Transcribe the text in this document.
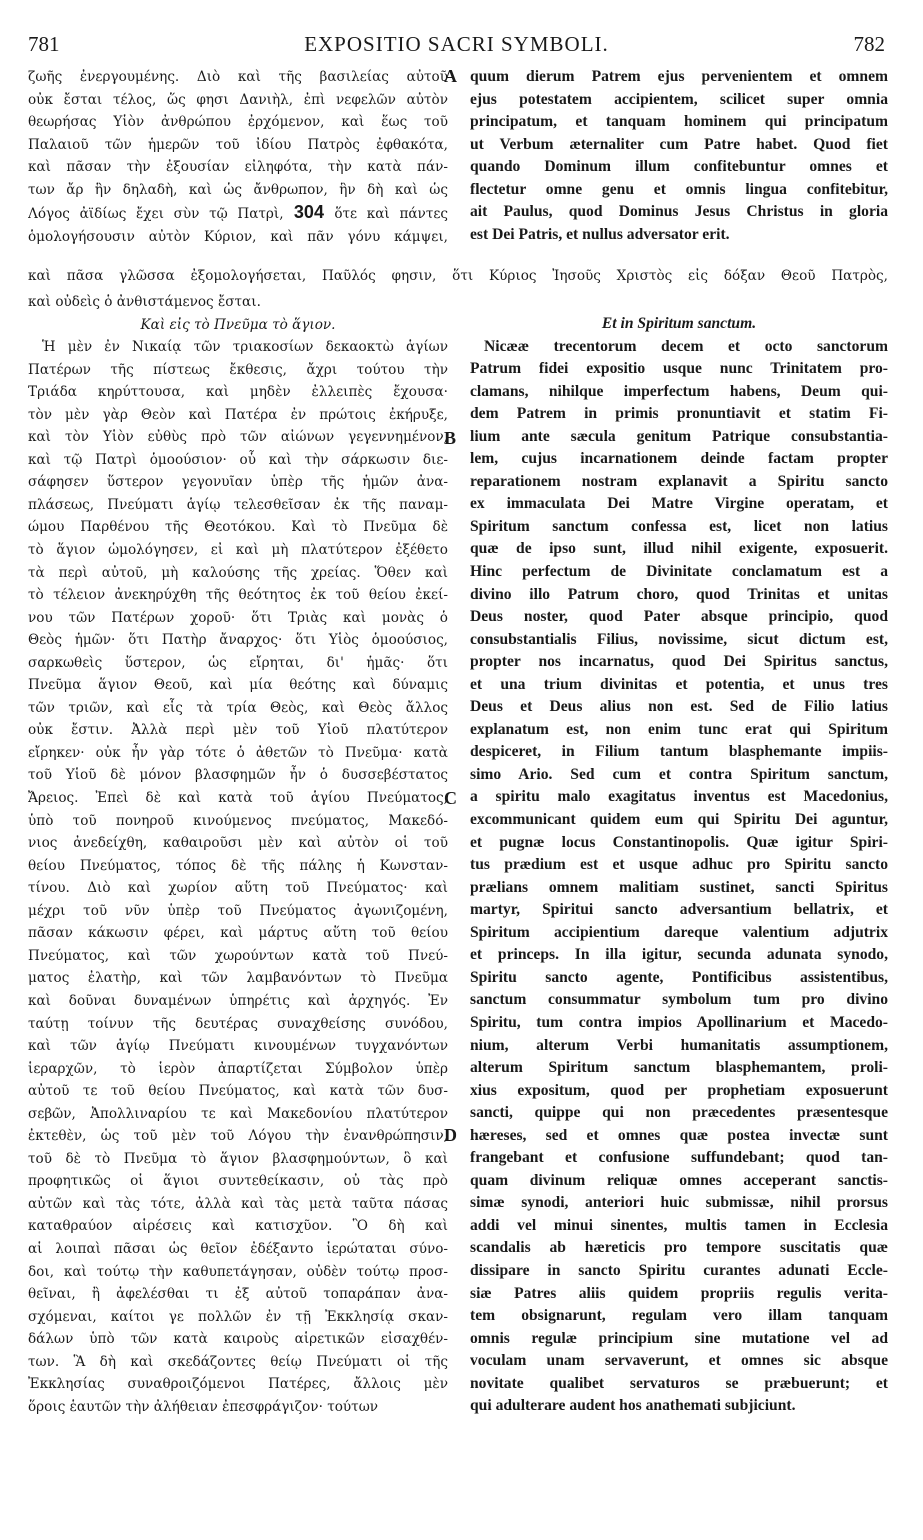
781	EXPOSITIO SACRI SYMBOLI.	782
A
B
C
D
ζωῆς ἐνεργουμένης. Διὸ καὶ τῆς βασιλείας αὐτοῦ
οὐκ ἔσται τέλος, ὥς φησι Δανιὴλ, ἐπὶ νεφελῶν αὐτὸν
θεωρήσας Υἱὸν ἀνθρώπου ἐρχόμενον, καὶ ἕως τοῦ
Παλαιοῦ τῶν ἡμερῶν τοῦ ἰδίου Πατρὸς ἐφθακότα,
καὶ πᾶσαν τὴν ἐξουσίαν εἰληφότα, τὴν κατὰ πάν-
των ἄρ ἣν δηλαδὴ, καὶ ὡς ἄνθρωπον, ἣν δὴ καὶ ὡς
Λόγος ἀϊδίως ἔχει σὺν τῷ Πατρὶ, 304 ὅτε καὶ πάντες
ὁμολογήσουσιν αὐτὸν Κύριον, καὶ πᾶν γόνυ κάμψει,
καὶ πᾶσα γλῶσσα ἐξομολογήσεται, Παῦλός φησιν, ὅτι Κύριος Ἰησοῦς Χριστὸς εἰς δόξαν Θεοῦ Πατρὸς,
καὶ οὐδεὶς ὁ ἀνθιστάμενος ἔσται.
Καὶ εἰς τὸ Πνεῦμα τὸ ἅγιον.
Ἡ μὲν ἐν Νικαίᾳ τῶν τριακοσίων δεκαοκτὼ ἁγίων
Πατέρων τῆς πίστεως ἔκθεσις, ἄχρι τούτου τὴν
Τριάδα κηρύττουσα, καὶ μηδὲν ἐλλειπὲς ἔχουσα·
τὸν μὲν γὰρ Θεὸν καὶ Πατέρα ἐν πρώτοις ἐκήρυξε,
καὶ τὸν Υἱὸν εὐθὺς πρὸ τῶν αἰώνων γεγεννημένον,
καὶ τῷ Πατρὶ ὁμοούσιον· οὗ καὶ τὴν σάρκωσιν διε-
σάφησεν ὕστερον γεγονυῖαν ὑπὲρ τῆς ἡμῶν ἀνα-
πλάσεως, Πνεύματι ἁγίῳ τελεσθεῖσαν ἐκ τῆς παναμ-
ώμου Παρθένου τῆς Θεοτόκου. Καὶ τὸ Πνεῦμα δὲ
τὸ ἅγιον ὡμολόγησεν, εἰ καὶ μὴ πλατύτερον ἐξέθετο
τὰ περὶ αὐτοῦ, μὴ καλούσης τῆς χρείας. Ὅθεν καὶ
τὸ τέλειον ἀνεκηρύχθη τῆς θεότητος ἐκ τοῦ θείου ἐκεί-
νου τῶν Πατέρων χοροῦ· ὅτι Τριὰς καὶ μονὰς ὁ
Θεὸς ἡμῶν· ὅτι Πατὴρ ἄναρχος· ὅτι Υἱὸς ὁμοούσιος,
σαρκωθεὶς ὕστερον, ὡς εἴρηται, δι' ἡμᾶς· ὅτι
Πνεῦμα ἅγιον Θεοῦ, καὶ μία θεότης καὶ δύναμις
τῶν τριῶν, καὶ εἷς τὰ τρία Θεὸς, καὶ Θεὸς ἄλλος
οὐκ ἔστιν. Ἀλλὰ περὶ μὲν τοῦ Υἱοῦ πλατύτερον
εἴρηκεν· οὐκ ἦν γὰρ τότε ὁ ἀθετῶν τὸ Πνεῦμα· κατὰ
τοῦ Υἱοῦ δὲ μόνον βλασφημῶν ἦν ὁ δυσσεβέστατος
Ἄρειος. Ἐπεὶ δὲ καὶ κατὰ τοῦ ἁγίου Πνεύματος,
ὑπὸ τοῦ πονηροῦ κινούμενος πνεύματος, Μακεδό-
νιος ἀνεδείχθη, καθαιροῦσι μὲν καὶ αὐτὸν οἱ τοῦ
θείου Πνεύματος, τόπος δὲ τῆς πάλης ἡ Κωνσταν-
τίνου. Διὸ καὶ χωρίον αὕτη τοῦ Πνεύματος· καὶ
μέχρι τοῦ νῦν ὑπὲρ τοῦ Πνεύματος ἀγωνιζομένη,
πᾶσαν κάκωσιν φέρει, καὶ μάρτυς αὕτη τοῦ θείου
Πνεύματος, καὶ τῶν χωρούντων κατὰ τοῦ Πνεύ-
ματος ἐλατὴρ, καὶ τῶν λαμβανόντων τὸ Πνεῦμα
καὶ δοῦναι δυναμένων ὑπηρέτις καὶ ἀρχηγός. Ἐν
ταύτῃ τοίνυν τῆς δευτέρας συναχθείσης συνόδου,
καὶ τῶν ἁγίῳ Πνεύματι κινουμένων τυγχανόντων
ἱεραρχῶν, τὸ ἱερὸν ἀπαρτίζεται Σύμβολον ὑπὲρ
αὐτοῦ τε τοῦ θείου Πνεύματος, καὶ κατὰ τῶν δυσ-
σεβῶν, Ἀπολλιναρίου τε καὶ Μακεδονίου πλατύτερον
ἐκτεθὲν, ὡς τοῦ μὲν τοῦ Λόγου τὴν ἐνανθρώπησιν,
τοῦ δὲ τὸ Πνεῦμα τὸ ἅγιον βλασφημούντων, ὃ καὶ
προφητικῶς οἱ ἅγιοι συντεθείκασιν, οὐ τὰς πρὸ
αὐτῶν καὶ τὰς τότε, ἀλλὰ καὶ τὰς μετὰ ταῦτα πάσας
καταθραύον αἱρέσεις καὶ κατισχῦον. Ὃ δὴ καὶ
αἱ λοιπαὶ πᾶσαι ὡς θεῖον ἐδέξαντο ἱερώταται σύνο-
δοι, καὶ τούτῳ τὴν καθυπετάγησαν, οὐδὲν τούτῳ προσ-
θεῖναι, ἢ ἀφελέσθαι τι ἐξ αὐτοῦ τοπαράπαν ἀνα-
σχόμεναι, καίτοι γε πολλῶν ἐν τῇ Ἐκκλησίᾳ σκαν-
δάλων ὑπὸ τῶν κατὰ καιροὺς αἱρετικῶν εἰσαχθέν-
των. Ἃ δὴ καὶ σκεδάζοντες θείῳ Πνεύματι οἱ τῆς
Ἐκκλησίας συναθροιζόμενοι Πατέρες, ἄλλοις μὲν
ὅροις ἑαυτῶν τὴν ἀλήθειαν ἐπεσφράγιζον· τούτων
quum dierum Patrem ejus pervenientem et omnem
ejus potestatem accipientem, scilicet super omnia
principatum, et tanquam hominem qui principatum
ut Verbum æternaliter cum Patre habet. Quod fiet
quando Dominum illum confitebuntur omnes et
flectetur omne genu et omnis lingua confitebitur,
ait Paulus, quod Dominus Jesus Christus in gloria
est Dei Patris, et nullus adversator erit.
Et in Spiritum sanctum.
Nicææ trecentorum decem et octo sanctorum
Patrum fidei expositio usque nunc Trinitatem pro-
clamans, nihilque imperfectum habens, Deum qui-
dem Patrem in primis pronuntiavit et statim Fi-
lium ante sæcula genitum Patrique consubstantia-
lem, cujus incarnationem deinde factam propter
reparationem nostram explanavit a Spiritu sancto
ex immaculata Dei Matre Virgine operatam, et
Spiritum sanctum confessa est, licet non latius
quæ de ipso sunt, illud nihil exigente, exposuerit.
Hinc perfectum de Divinitate conclamatum est a
divino illo Patrum choro, quod Trinitas et unitas
Deus noster, quod Pater absque principio, quod
consubstantialis Filius, novissime, sicut dictum est,
propter nos incarnatus, quod Dei Spiritus sanctus,
et una trium divinitas et potentia, et unus tres
Deus et Deus alius non est. Sed de Filio latius
explanatum est, non enim tunc erat qui Spiritum
despiceret, in Filium tantum blasphemante impiis-
simo Ario. Sed cum et contra Spiritum sanctum,
a spiritu malo exagitatus inventus est Macedonius,
excommunicant quidem eum qui Spiritu Dei aguntur,
et pugnæ locus Constantinopolis. Quæ igitur Spiri-
tus prædium est et usque adhuc pro Spiritu sancto
prælians omnem malitiam sustinet, sancti Spiritus
martyr, Spiritui sancto adversantium bellatrix, et
Spiritum accipientium dareque valentium adjutrix
et princeps. In illa igitur, secunda adunata synodo,
Spiritu sancto agente, Pontificibus assistentibus,
sanctum consummatur symbolum tum pro divino
Spiritu, tum contra impios Apollinarium et Macedo-
nium, alterum Verbi humanitatis assumptionem,
alterum Spiritum sanctum blasphemantem, proli-
xius expositum, quod per prophetiam exposuerunt
sancti, quippe qui non præcedentes præsentesque
hæreses, sed et omnes quæ postea invectæ sunt
frangebant et confusione suffundebant; quod tan-
quam divinum reliquæ omnes acceperant sanctis-
simæ synodi, anteriori huic submissæ, nihil prorsus
addi vel minui sinentes, multis tamen in Ecclesia
scandalis ab hæreticis pro tempore suscitatis quæ
dissipare in sancto Spiritu curantes adunati Eccle-
siæ Patres aliis quidem propriis regulis verita-
tem obsignarunt, regulam vero illam tanquam
omnis regulæ principium sine mutatione vel ad
voculam unam servaverunt, et omnes sic absque
novitate qualibet servaturos se præbuerunt; et
qui adulterare audent hos anathemati subjiciunt.
